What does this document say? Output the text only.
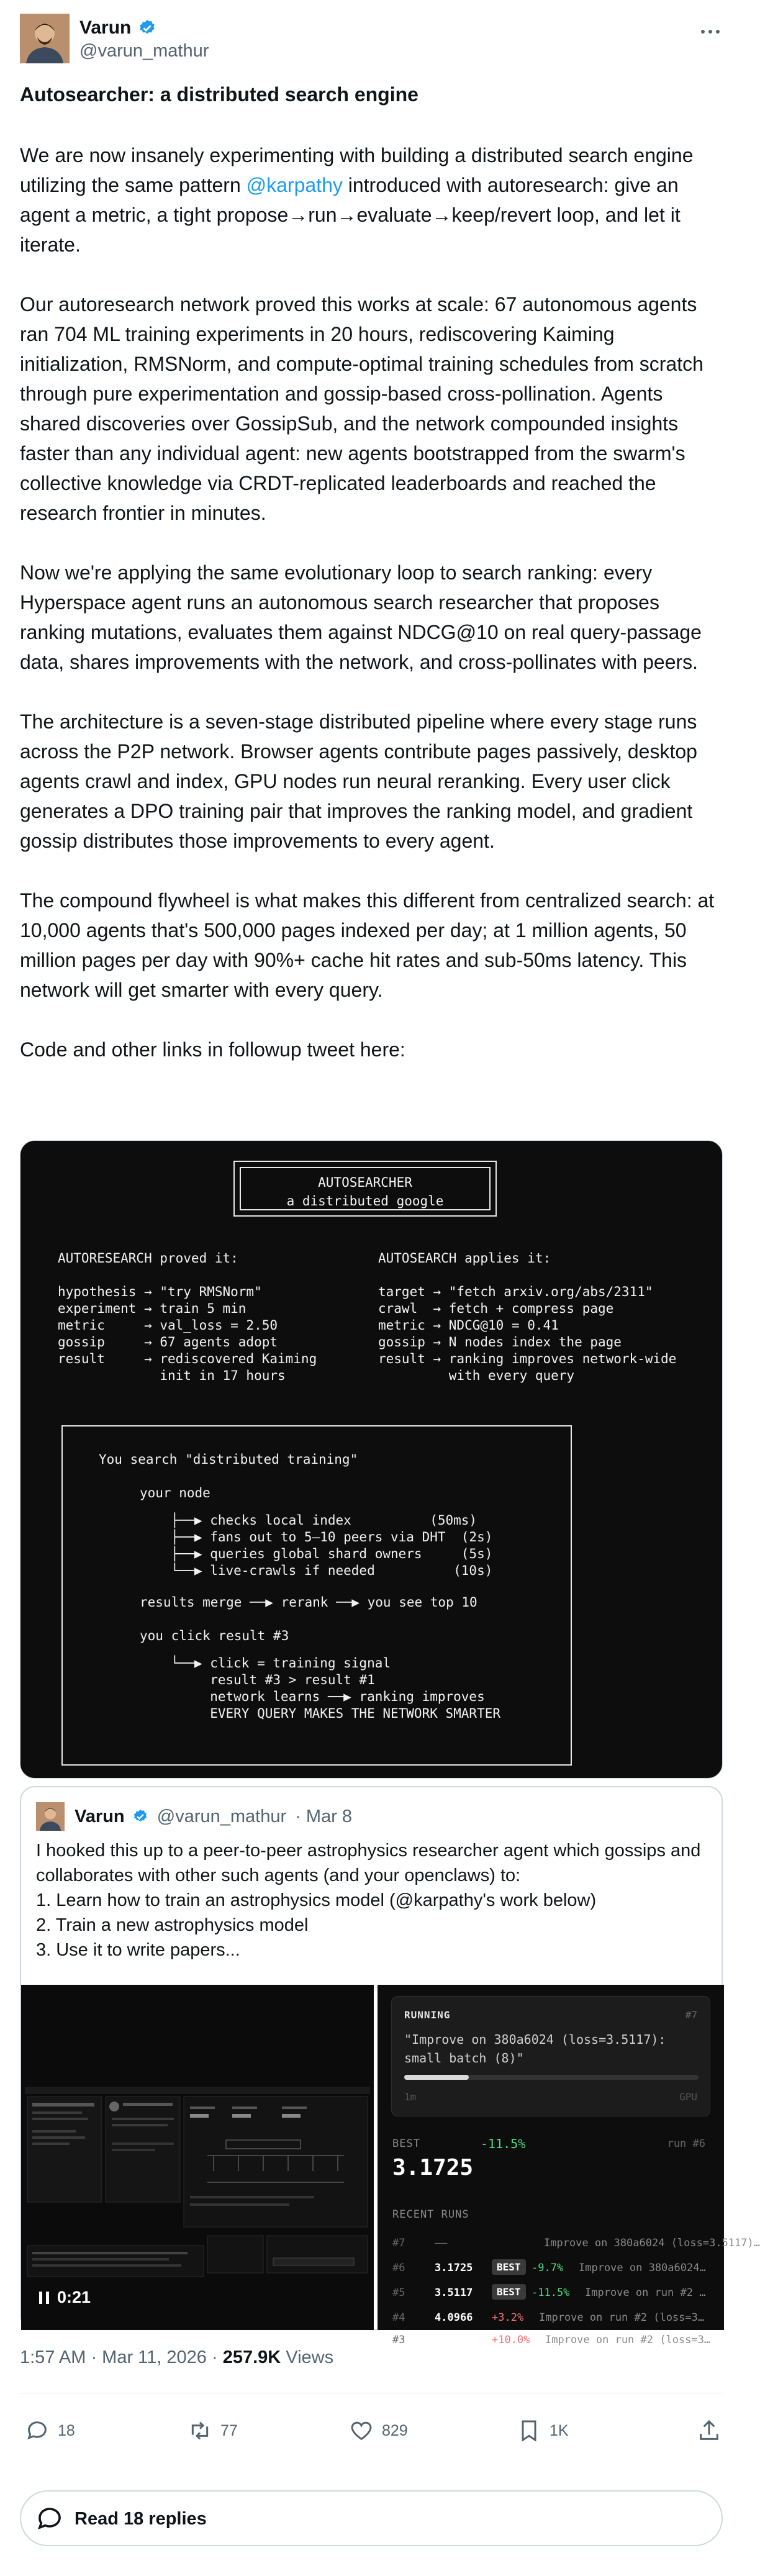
Varun
@varun_mathur
Autosearcher: a distributed search engine

We are now insanely experimenting with building a distributed search engine utilizing the same pattern @karpathy introduced with autoresearch: give an agent a metric, a tight propose→run→evaluate→keep/revert loop, and let it iterate.

Our autoresearch network proved this works at scale: 67 autonomous agents ran 704 ML training experiments in 20 hours, rediscovering Kaiming initialization, RMSNorm, and compute-optimal training schedules from scratch through pure experimentation and gossip-based cross-pollination. Agents shared discoveries over GossipSub, and the network compounded insights faster than any individual agent: new agents bootstrapped from the swarm's collective knowledge via CRDT-replicated leaderboards and reached the research frontier in minutes.

Now we're applying the same evolutionary loop to search ranking: every Hyperspace agent runs an autonomous search researcher that proposes ranking mutations, evaluates them against NDCG@10 on real query-passage data, shares improvements with the network, and cross-pollinates with peers.

The architecture is a seven-stage distributed pipeline where every stage runs across the P2P network. Browser agents contribute pages passively, desktop agents crawl and index, GPU nodes run neural reranking. Every user click generates a DPO training pair that improves the ranking model, and gradient gossip distributes those improvements to every agent.

The compound flywheel is what makes this different from centralized search: at 10,000 agents that's 500,000 pages indexed per day; at 1 million agents, 50 million pages per day with 90%+ cache hit rates and sub-50ms latency. This network will get smarter with every query.

Code and other links in followup tweet here:

AUTOSEARCHER
a distributed google
AUTORESEARCH proved it:
hypothesis → "try RMSNorm"
experiment → train 5 min
metric     → val_loss = 2.50
gossip     → 67 agents adopt
result     → rediscovered Kaiming
init in 17 hours
AUTOSEARCH applies it:
target → "fetch arxiv.org/abs/2311"
crawl  → fetch + compress page
metric → NDCG@10 = 0.41
gossip → N nodes index the page
result → ranking improves network-wide
with every query
You search "distributed training"
your node
├──▶ checks local index          (50ms)
├──▶ fans out to 5–10 peers via DHT  (2s)
├──▶ queries global shard owners     (5s)
└──▶ live-crawls if needed          (10s)
results merge ──▶ rerank ──▶ you see top 10
you click result #3
└──▶ click = training signal
result #3 > result #1
network learns ──▶ ranking improves
EVERY QUERY MAKES THE NETWORK SMARTER
Varun @varun_mathur · Mar 8
I hooked this up to a peer-to-peer astrophysics researcher agent which gossips and collaborates with other such agents (and your openclaws) to:
1. Learn how to train an astrophysics model (@karpathy's work below)
2. Train a new astrophysics model
3. Use it to write papers...
0:21
RUNNING	#7
"Improve on 380a6024 (loss=3.5117): small batch (8)"
1m	GPU
BEST	-11.5%	run #6
3.1725
RECENT RUNS
#7	——	Improve on 380a6024 (loss=3.5117)…
#6	3.1725	BEST	-9.7% Improve on 380a6024…
#5	3.5117	BEST	-11.5% Improve on run #2 …
#4	4.0966 +3.2% Improve on run #2 (loss=3…
#3	4.3633 +10.0% Improve on run #2 (loss=3…
1:57 AM · Mar 11, 2026 · 257.9K Views
18	77	829	1K
Read 18 replies
